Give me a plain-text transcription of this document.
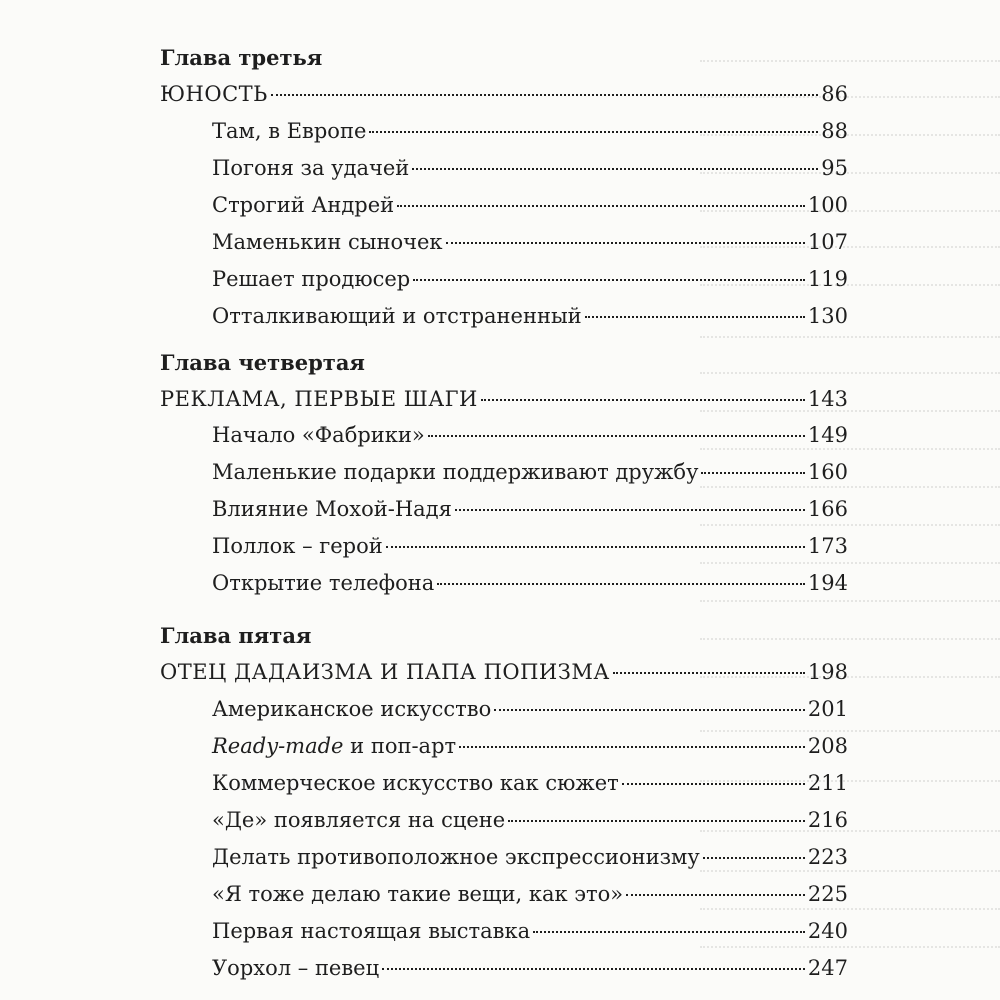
Глава третья
ЮНОСТЬ	86
Там, в Европе	88
Погоня за удачей	95
Строгий Андрей	100
Маменькин сыночек	107
Решает продюсер	119
Отталкивающий и отстраненный	130
Глава четвертая
РЕКЛАМА, ПЕРВЫЕ ШАГИ	143
Начало «Фабрики»	149
Маленькие подарки поддерживают дружбу	160
Влияние Мохой-Надя	166
Поллок – герой	173
Открытие телефона	194
Глава пятая
ОТЕЦ ДАДАИЗМА И ПАПА ПОПИЗМА	198
Американское искусство	201
Ready-made и поп-арт	208
Коммерческое искусство как сюжет	211
«Де» появляется на сцене	216
Делать противоположное экспрессионизму	223
«Я тоже делаю такие вещи, как это»	225
Первая настоящая выставка	240
Уорхол – певец	247
